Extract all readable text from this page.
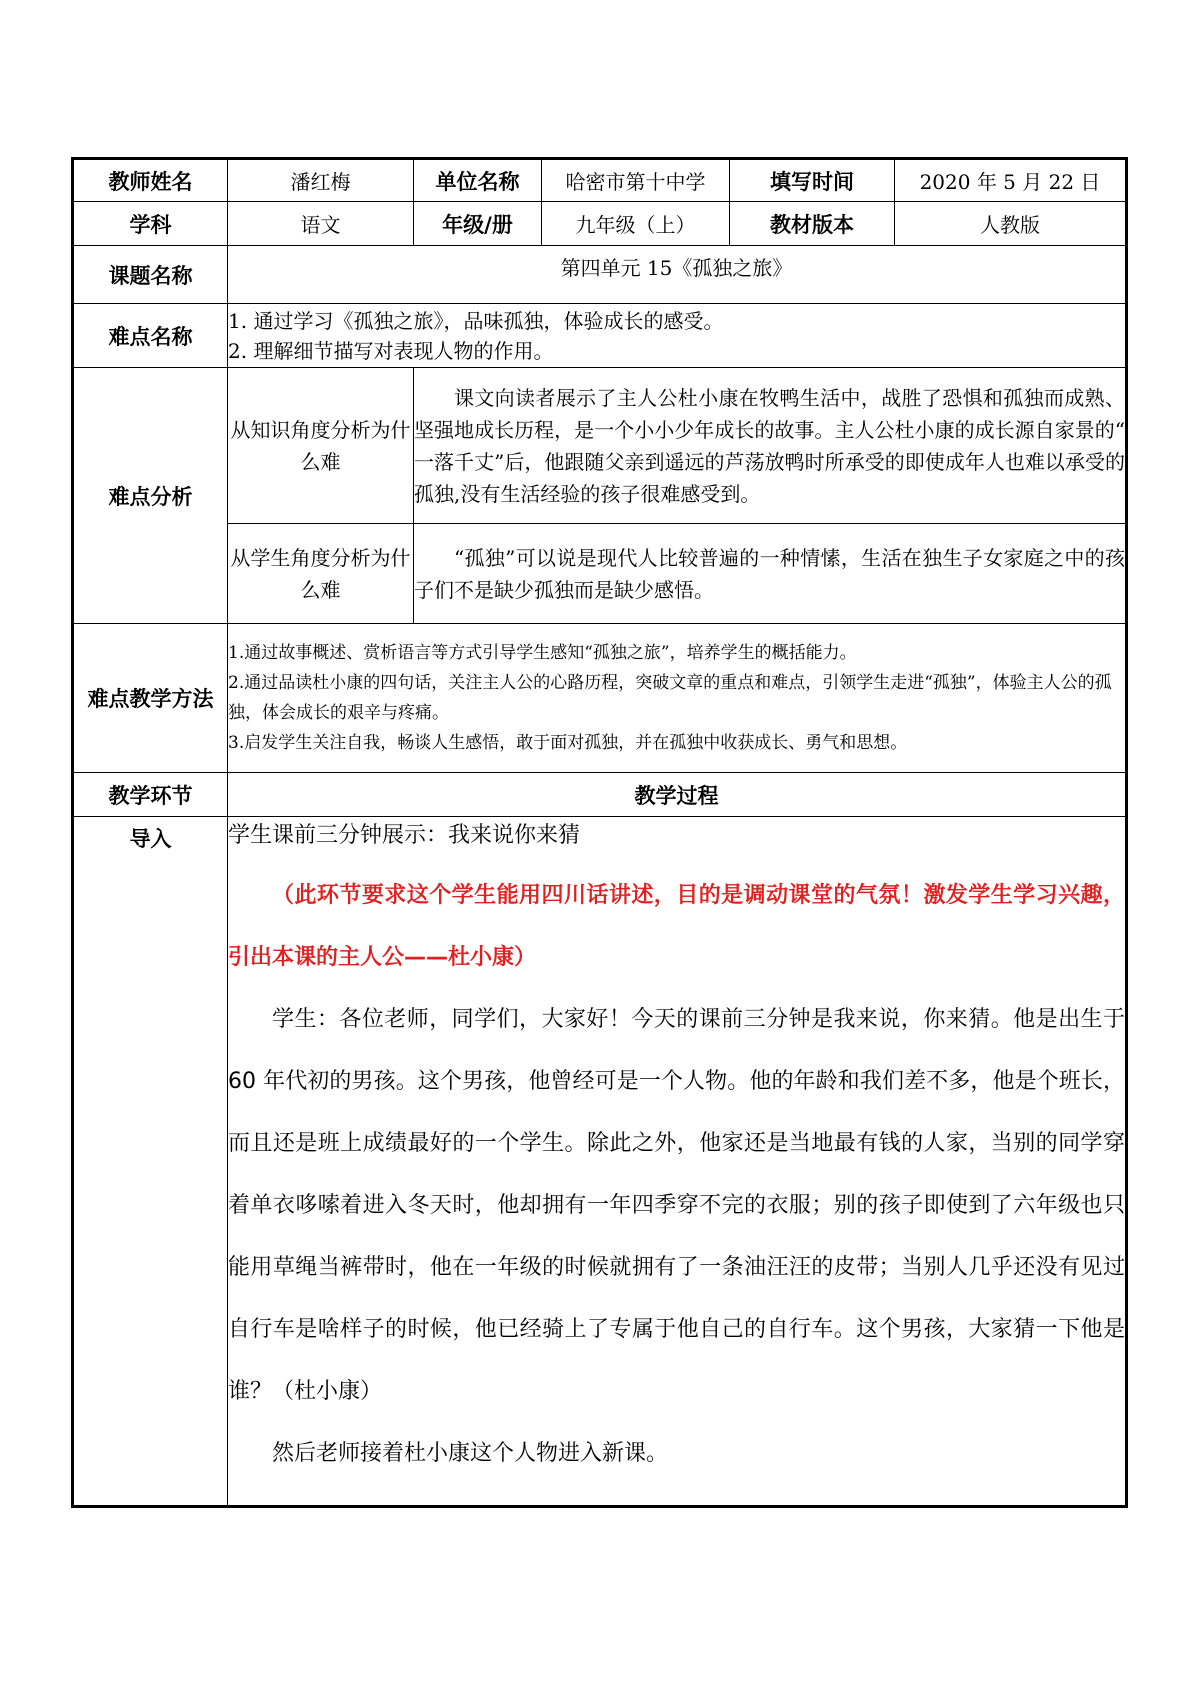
教师姓名	潘红梅	单位名称	哈密市第十中学	填写时间	2020 年 5 月 22 日
学科	语文	年级/册	九年级（上）	教材版本	人教版
课题名称	第四单元 15《孤独之旅》				
难点名称	1. 通过学习《孤独之旅》，品味孤独，体验成长的感受。
2. 理解细节描写对表现人物的作用。				

难点分析	从知识角度分析为什么难	课文向读者展示了主人公杜小康在牧鸭生活中，战胜了恐惧和孤独而成熟、坚强地成长历程，是一个小小少年成长的故事。主人公杜小康的成长源自家景的“ 一落千丈”后，他跟随父亲到遥远的芦荡放鸭时所承受的即使成年人也难以承受的孤独,没有生活经验的孩子很难感受到。			
	从学生角度分析为什么难	“孤独”可以说是现代人比较普遍的一种情愫，生活在独生子女家庭之中的孩子们不是缺少孤独而是缺少感悟。			
难点教学方法	1.通过故事概述、赏析语言等方式引导学生感知“孤独之旅”，培养学生的概括能力。
2.通过品读杜小康的四句话，关注主人公的心路历程，突破文章的重点和难点，引领学生走进“孤独”，体验主人公的孤独，体会成长的艰辛与疼痛。
3.启发学生关注自我，畅谈人生感悟，敢于面对孤独，并在孤独中收获成长、勇气和思想。				

教学环节	教学过程				
导入	学生课前三分钟展示：我来说你来猜

（此环节要求这个学生能用四川话讲述，目的是调动课堂的气氛！激发学生学习兴趣，引出本课的主人公——杜小康）

学生：各位老师，同学们，大家好！今天的课前三分钟是我来说，你来猜。他是出生于 60 年代初的男孩。这个男孩，他曾经可是一个人物。他的年龄和我们差不多，他是个班长，而且还是班上成绩最好的一个学生。除此之外，他家还是当地最有钱的人家，当别的同学穿着单衣哆嗦着进入冬天时，他却拥有一年四季穿不完的衣服；别的孩子即使到了六年级也只能用草绳当裤带时，他在一年级的时候就拥有了一条油汪汪的皮带；当别人几乎还没有见过自行车是啥样子的时候，他已经骑上了专属于他自己的自行车。这个男孩，大家猜一下他是谁？（杜小康）

然后老师接着杜小康这个人物进入新课。				
